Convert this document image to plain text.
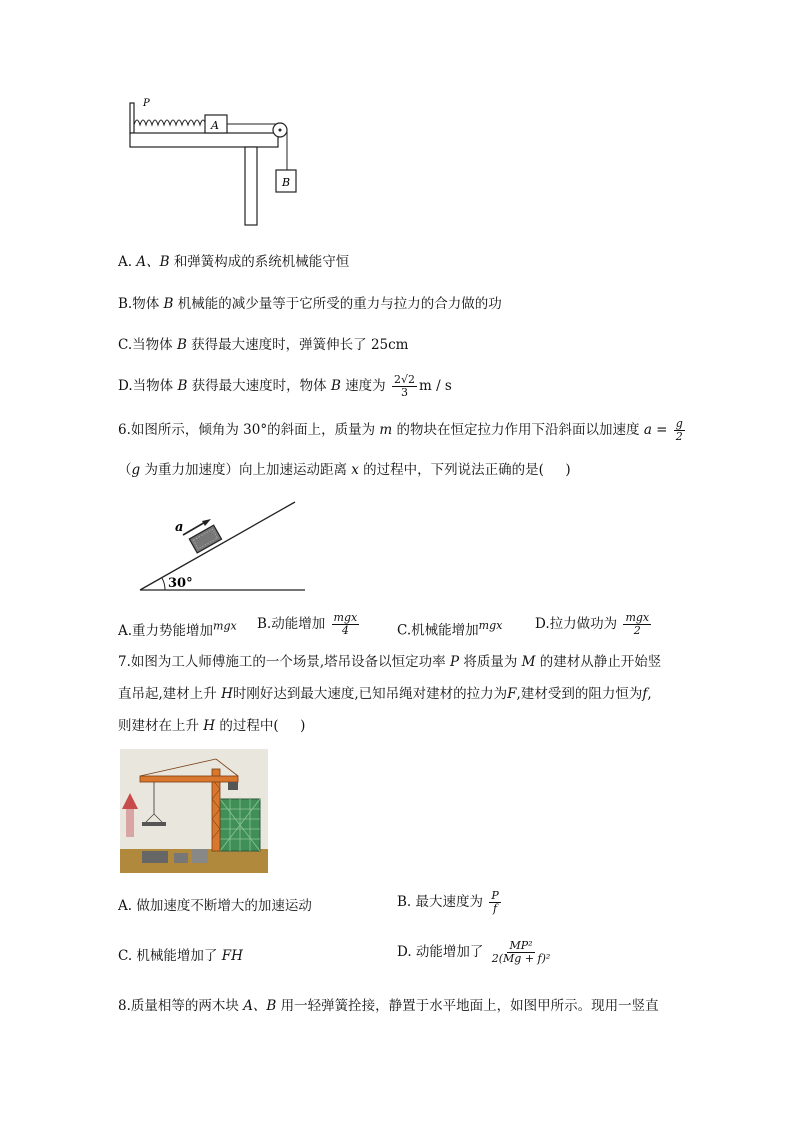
A
B
P
A. A、B 和弹簧构成的系统机械能守恒
B.物体 B 机械能的减少量等于它所受的重力与拉力的合力做的功
C.当物体 B 获得最大速度时，弹簧伸长了 25cm
D.当物体 B 获得最大速度时，物体 B 速度为 $\frac{2√2}{3}$ m / s
6.如图所示，倾角为 30°的斜面上，质量为 m 的物块在恒定拉力作用下沿斜面以加速度 $a = \frac{g}{2}$
（g 为重力加速度）向上加速运动距离 x 的过程中，下列说法正确的是( )
a
30°
A.重力势能增加$^{mgx}$ B.动能增加 $\frac{\text{mgx}}{4}$	C.机械能增加$^{mgx}$ D.拉力做功为 $\frac{\text{mgx}}{2}$
7.如图为工人师傅施工的一个场景,塔吊设备以恒定功率 P 将质量为 M 的建材从静止开始竖
直吊起,建材上升 H时刚好达到最大速度,已知吊绳对建材的拉力为F,建材受到的阻力恒为f,
则建材在上升 H 的过程中( )
A. 做加速度不断增大的加速运动	B. 最大速度为 $\frac{P}{f}$
C. 机械能增加了 FH	D. 动能增加了 $\frac{\text{MP²}}{\text{2(Mg + f)²}}$
8.质量相等的两木块 A、B 用一轻弹簧拴接，静置于水平地面上，如图甲所示。现用一竖直
